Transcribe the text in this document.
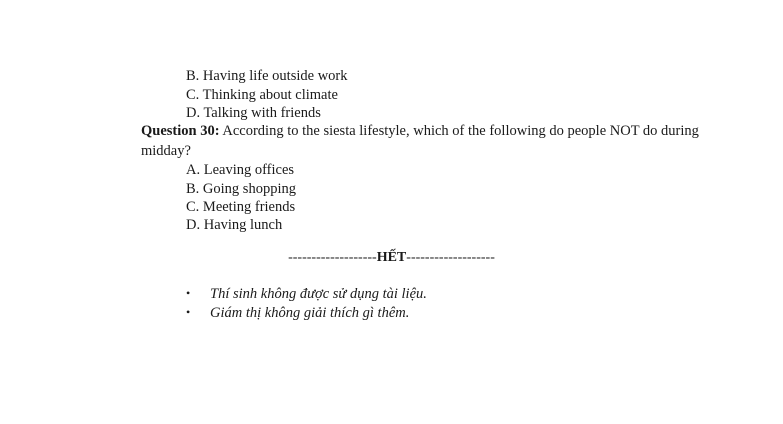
B. Having life outside work
C. Thinking about climate
D. Talking with friends
Question 30: According to the siesta lifestyle, which of the following do people NOT do during
midday?
A. Leaving offices
B. Going shopping
C. Meeting friends
D. Having lunch
-------------------HẾT-------------------
• Thí sinh không được sử dụng tài liệu.
• Giám thị không giải thích gì thêm.
